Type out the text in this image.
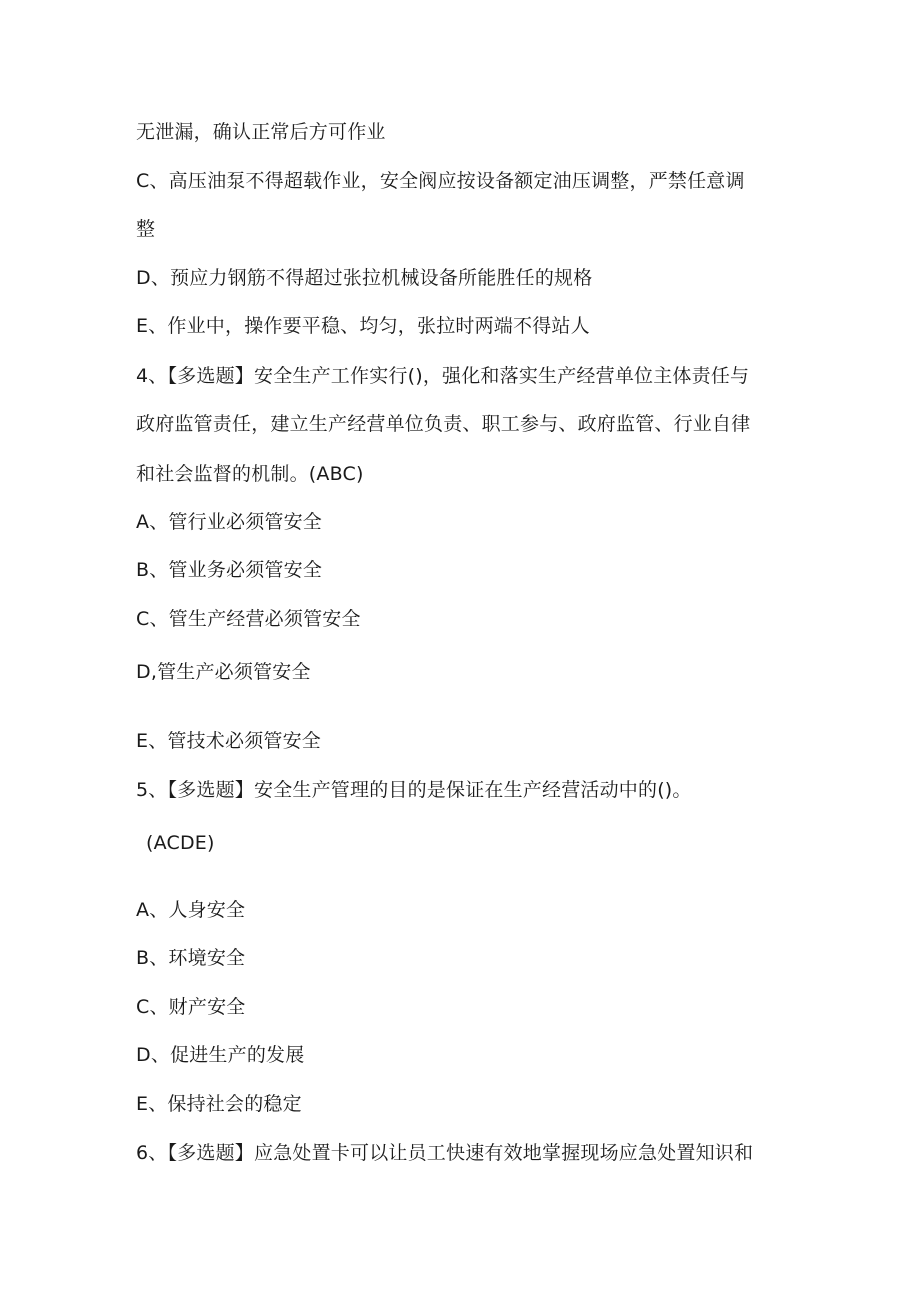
无泄漏，确认正常后方可作业
C、高压油泵不得超载作业，安全阀应按设备额定油压调整，严禁任意调
整
D、预应力钢筋不得超过张拉机械设备所能胜任的规格
E、作业中，操作要平稳、均匀，张拉时两端不得站人
4、【多选题】安全生产工作实行()，强化和落实生产经营单位主体责任与
政府监管责任，建立生产经营单位负责、职工参与、政府监管、行业自律
和社会监督的机制。(ABC)
A、管行业必须管安全
B、管业务必须管安全
C、管生产经营必须管安全
D,管生产必须管安全
E、管技术必须管安全
5、【多选题】安全生产管理的目的是保证在生产经营活动中的()。
(ACDE)
A、人身安全
B、环境安全
C、财产安全
D、促进生产的发展
E、保持社会的稳定
6、【多选题】应急处置卡可以让员工快速有效地掌握现场应急处置知识和
